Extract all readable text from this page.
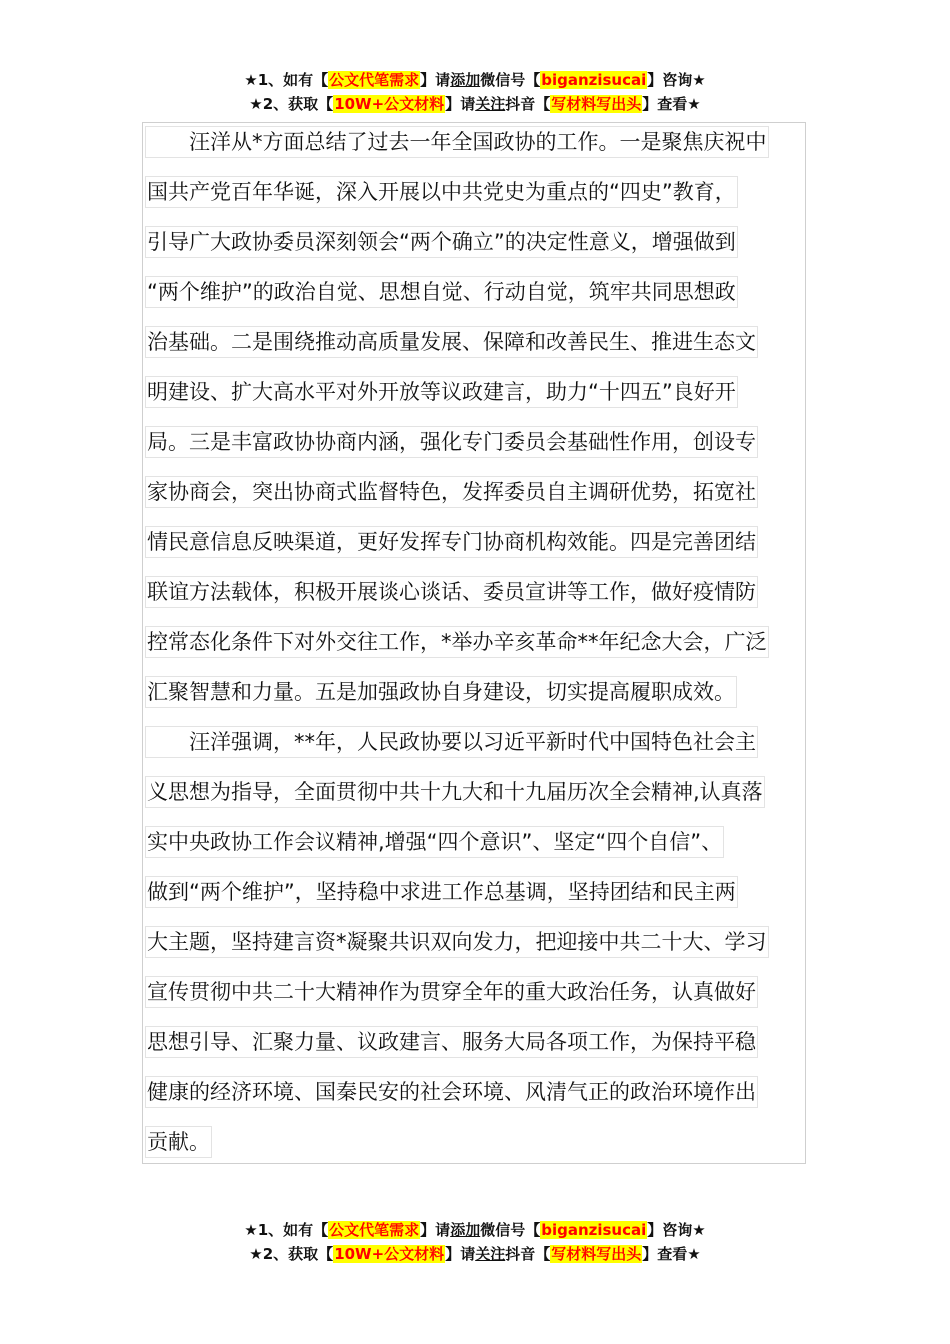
★1、如有【公文代笔需求】请添加微信号【biganzisucai】咨询★
★2、获取【10W+公文材料】请关注抖音【写材料写出头】查看★
　　汪洋从*方面总结了过去一年全国政协的工作。一是聚焦庆祝中
国共产党百年华诞，深入开展以中共党史为重点的“四史”教育，
引导广大政协委员深刻领会“两个确立”的决定性意义，增强做到
“两个维护”的政治自觉、思想自觉、行动自觉，筑牢共同思想政
治基础。二是围绕推动高质量发展、保障和改善民生、推进生态文
明建设、扩大高水平对外开放等议政建言，助力“十四五”良好开
局。三是丰富政协协商内涵，强化专门委员会基础性作用，创设专
家协商会，突出协商式监督特色，发挥委员自主调研优势，拓宽社
情民意信息反映渠道，更好发挥专门协商机构效能。四是完善团结
联谊方法载体，积极开展谈心谈话、委员宣讲等工作，做好疫情防
控常态化条件下对外交往工作，*举办辛亥革命**年纪念大会，广泛
汇聚智慧和力量。五是加强政协自身建设，切实提高履职成效。
　　汪洋强调，**年，人民政协要以习近平新时代中国特色社会主
义思想为指导，全面贯彻中共十九大和十九届历次全会精神,认真落
实中央政协工作会议精神,增强“四个意识”、坚定“四个自信”、
做到“两个维护”，坚持稳中求进工作总基调，坚持团结和民主两
大主题，坚持建言资*凝聚共识双向发力，把迎接中共二十大、学习
宣传贯彻中共二十大精神作为贯穿全年的重大政治任务，认真做好
思想引导、汇聚力量、议政建言、服务大局各项工作，为保持平稳
健康的经济环境、国秦民安的社会环境、风清气正的政治环境作出
贡献。
★1、如有【公文代笔需求】请添加微信号【biganzisucai】咨询★
★2、获取【10W+公文材料】请关注抖音【写材料写出头】查看★
